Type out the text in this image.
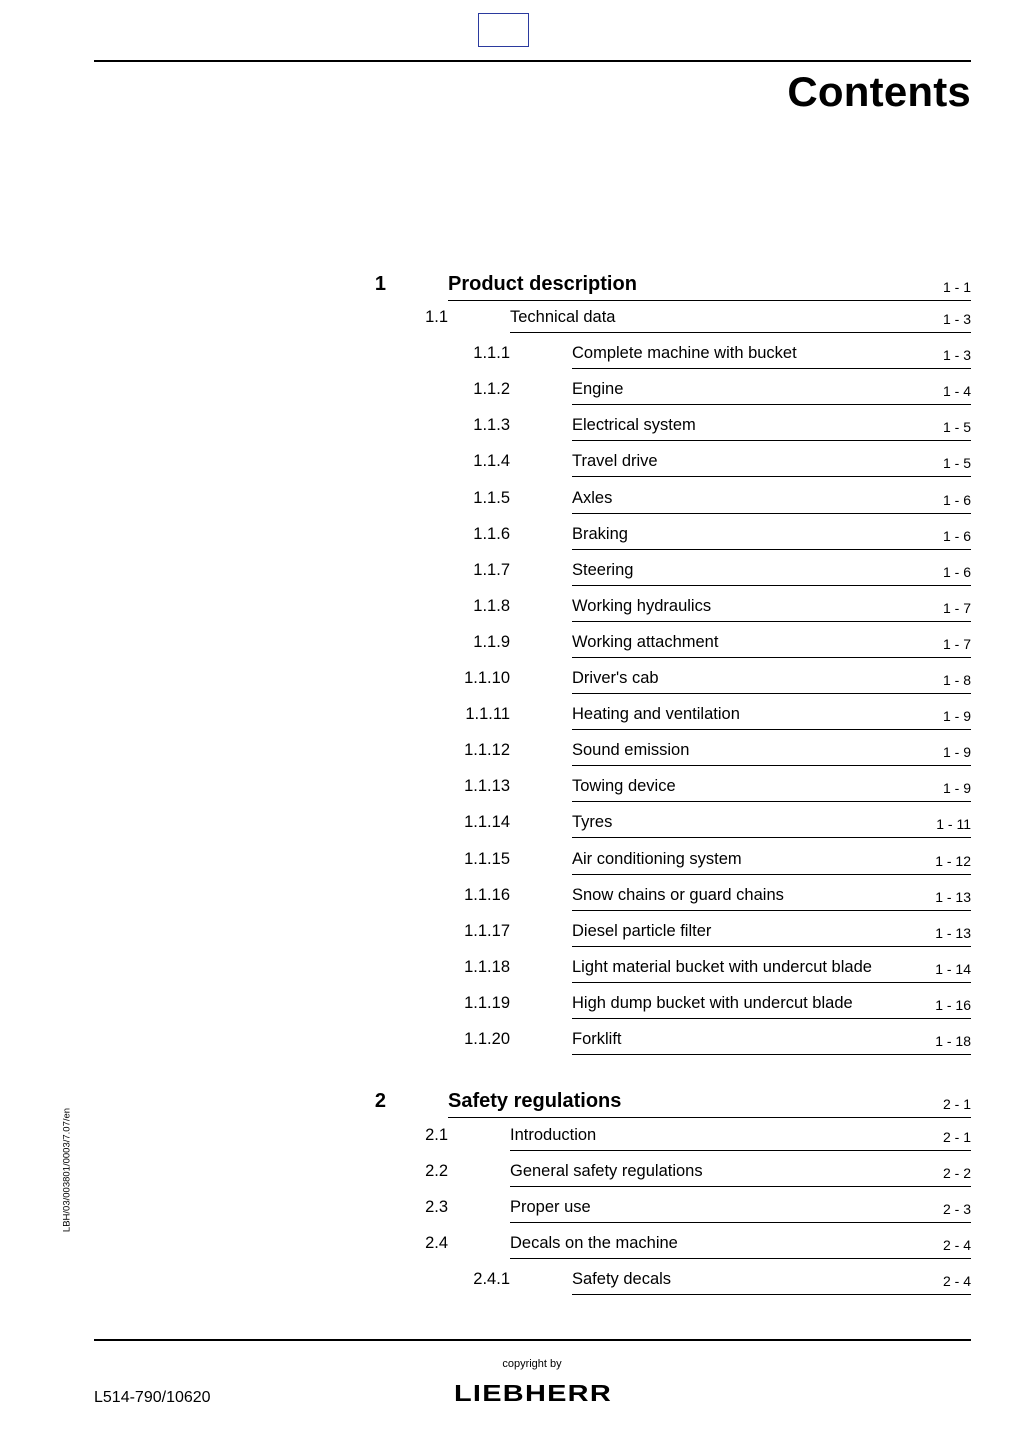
Contents
1	Product description	1 - 1
1.1	Technical data	1 - 3
1.1.1	Complete machine with bucket	1 - 3
1.1.2	Engine	1 - 4
1.1.3	Electrical system	1 - 5
1.1.4	Travel drive	1 - 5
1.1.5	Axles	1 - 6
1.1.6	Braking	1 - 6
1.1.7	Steering	1 - 6
1.1.8	Working hydraulics	1 - 7
1.1.9	Working attachment	1 - 7
1.1.10	Driver's cab	1 - 8
1.1.11	Heating and ventilation	1 - 9
1.1.12	Sound emission	1 - 9
1.1.13	Towing device	1 - 9
1.1.14	Tyres	1 - 11
1.1.15	Air conditioning system	1 - 12
1.1.16	Snow chains or guard chains	1 - 13
1.1.17	Diesel particle filter	1 - 13
1.1.18	Light material bucket with undercut blade	1 - 14
1.1.19	High dump bucket with undercut blade	1 - 16
1.1.20	Forklift	1 - 18
2	Safety regulations	2 - 1
2.1	Introduction	2 - 1
2.2	General safety regulations	2 - 2
2.3	Proper use	2 - 3
2.4	Decals on the machine	2 - 4
2.4.1	Safety decals	2 - 4
LBH/03/003801/0003/7.07/en
copyright by
LIEBHERR
L514-790/10620
